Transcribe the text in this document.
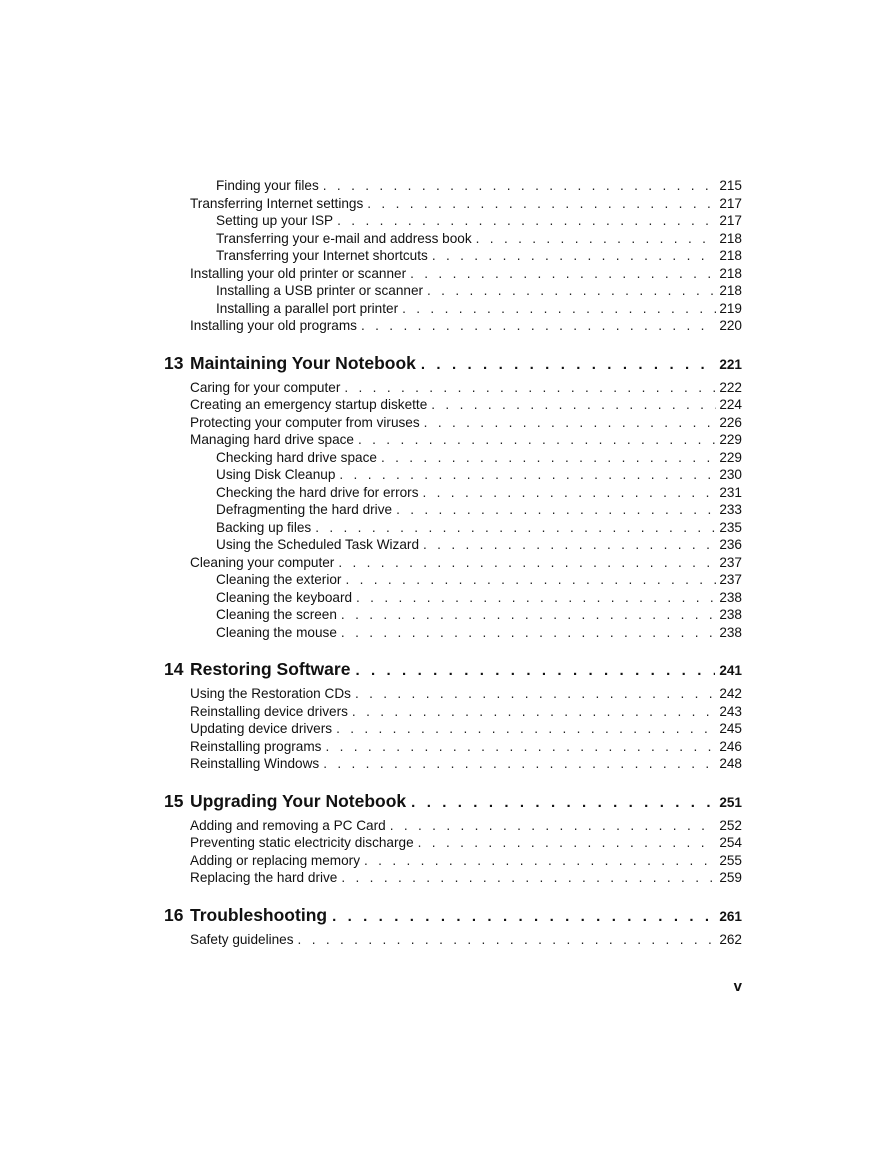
Finding your files . . .	215
Transferring Internet settings . . .	217
Setting up your ISP . . .	217
Transferring your e-mail and address book . . .	218
Transferring your Internet shortcuts . . .	218
Installing your old printer or scanner . . .	218
Installing a USB printer or scanner . . .	218
Installing a parallel port printer . . .	219
Installing your old programs . . .	220
13 Maintaining Your Notebook . . .	221
Caring for your computer . . .	222
Creating an emergency startup diskette . . .	224
Protecting your computer from viruses . . .	226
Managing hard drive space . . .	229
Checking hard drive space . . .	229
Using Disk Cleanup . . .	230
Checking the hard drive for errors . . .	231
Defragmenting the hard drive . . .	233
Backing up files . . .	235
Using the Scheduled Task Wizard . . .	236
Cleaning your computer . . .	237
Cleaning the exterior . . .	237
Cleaning the keyboard . . .	238
Cleaning the screen . . .	238
Cleaning the mouse . . .	238
14 Restoring Software . . .	241
Using the Restoration CDs . . .	242
Reinstalling device drivers . . .	243
Updating device drivers . . .	245
Reinstalling programs . . .	246
Reinstalling Windows . . .	248
15 Upgrading Your Notebook . . .	251
Adding and removing a PC Card . . .	252
Preventing static electricity discharge . . .	254
Adding or replacing memory . . .	255
Replacing the hard drive . . .	259
16 Troubleshooting . . .	261
Safety guidelines . . .	262
v
